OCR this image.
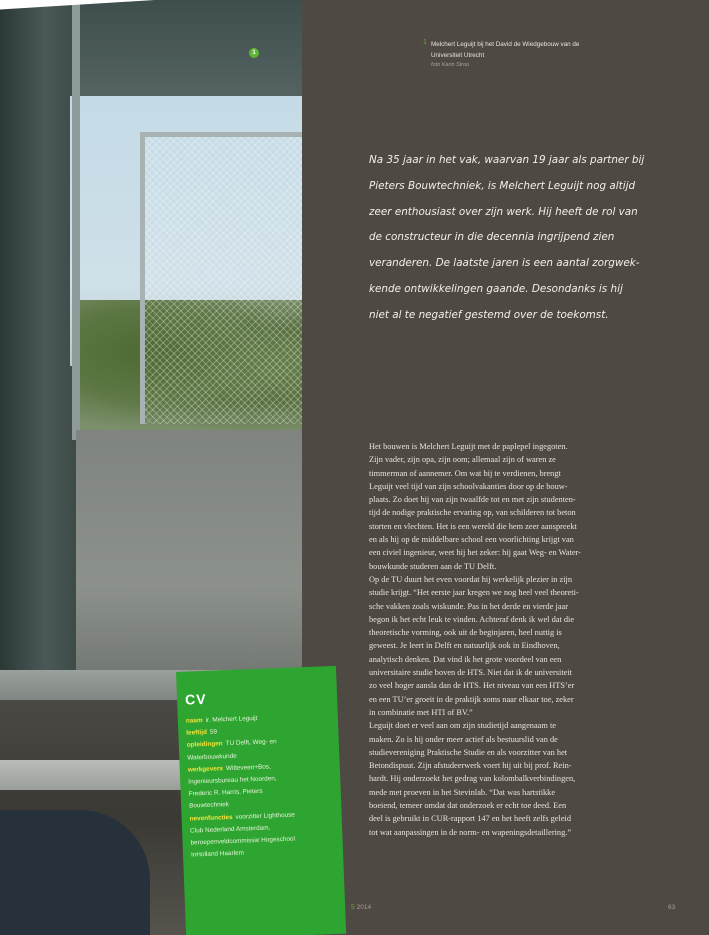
1
1 Melchert Leguijt bij het David de Wiedgebouw van de
Universiteit Utrecht
foto Karin Stroo

Na 35 jaar in het vak, waarvan 19 jaar als partner bij

Pieters Bouwtechniek, is Melchert Leguijt nog altijd

zeer enthousiast over zijn werk. Hij heeft de rol van

de constructeur in die decennia ingrijpend zien

veranderen. De laatste jaren is een aantal zorgwek-

kende ontwikkelingen gaande. Desondanks is hij

niet al te negatief gestemd over de toekomst.

Het bouwen is Melchert Leguijt met de paplepel ingegoten.

Zijn vader, zijn opa, zijn oom; allemaal zijn of waren ze

timmerman of aannemer. Om wat bij te verdienen, brengt

Leguijt veel tijd van zijn schoolvakanties door op de bouw-

plaats. Zo doet hij van zijn twaalfde tot en met zijn studenten-

tijd de nodige praktische ervaring op, van schilderen tot beton

storten en vlechten. Het is een wereld die hem zeer aanspreekt

en als hij op de middelbare school een voorlichting krijgt van

een civiel ingenieur, weet hij het zeker: hij gaat Weg- en Water-

bouwkunde studeren aan de TU Delft.

Op de TU duurt het even voordat hij werkelijk plezier in zijn

studie krijgt. “Het eerste jaar kregen we nog heel veel theoreti-

sche vakken zoals wiskunde. Pas in het derde en vierde jaar

begon ik het echt leuk te vinden. Achteraf denk ik wel dat die

theoretische vorming, ook uit de beginjaren, heel nuttig is

geweest. Je leert in Delft en natuurlijk ook in Eindhoven,

analytisch denken. Dat vind ik het grote voordeel van een

universitaire studie boven de HTS. Niet dat ik de universiteit

zo veel hoger aansla dan de HTS. Het niveau van een HTS’er

en een TU’er groeit in de praktijk soms naar elkaar toe, zeker

in combinatie met HTI of BV.”

Leguijt doet er veel aan om zijn studietijd aangenaam te

maken. Zo is hij onder meer actief als bestuurslid van de

studievereniging Praktische Studie en als voorzitter van het

Betondispuut. Zijn afstudeerwerk voert hij uit bij prof. Rein-

hardt. Hij onderzoekt het gedrag van kolombalkverbindingen,

mede met proeven in het Stevinlab. “Dat was hartstikke

boeiend, temeer omdat dat onderzoek er echt toe deed. Een

deel is gebruikt in CUR-rapport 147 en het heeft zelfs geleid

tot wat aanpassingen in de norm- en wapeningsdetaillering.”

CV
naam ir. Melchert Leguijt
leeftijd 59
opleidingen TU Delft, Weg- en
Waterbouwkunde
werkgevers Witteveen+Bos,
Ingenieursbureau het Noorden,
Frederic R. Harris, Pieters
Bouwtechniek
nevenfuncties voorzitter Lighthouse
Club Nederland Amsterdam,
beroepenveldcommissie Hogeschool
InHolland Haarlem
5 2014	63
